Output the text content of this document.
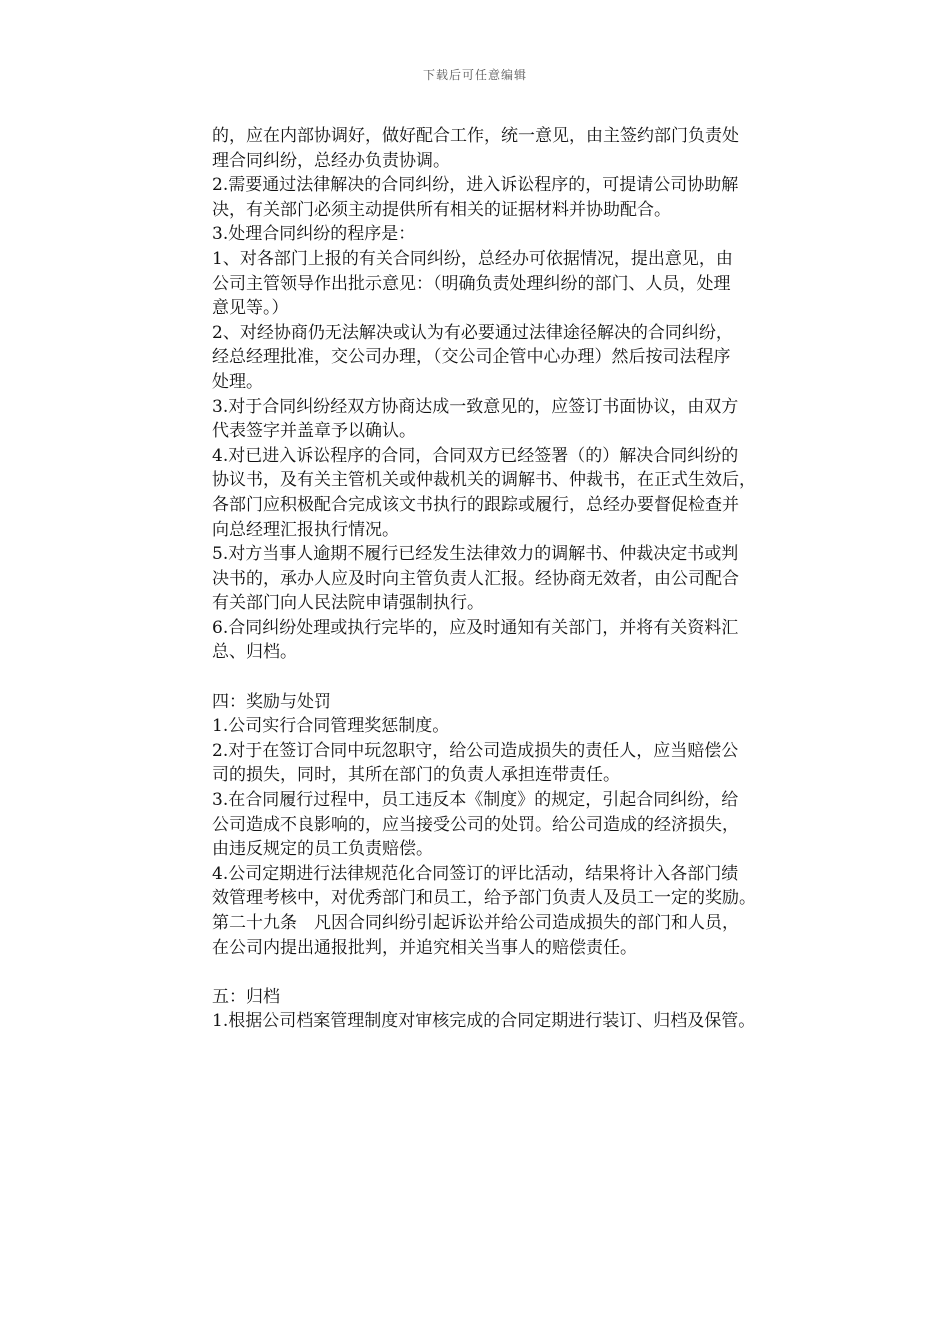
下载后可任意编辑
的，应在内部协调好，做好配合工作，统一意见，由主签约部门负责处
理合同纠纷，总经办负责协调。
2.需要通过法律解决的合同纠纷，进入诉讼程序的，可提请公司协助解
决，有关部门必须主动提供所有相关的证据材料并协助配合。
3.处理合同纠纷的程序是：
1、对各部门上报的有关合同纠纷，总经办可依据情况，提出意见，由
公司主管领导作出批示意见：（明确负责处理纠纷的部门、人员，处理
意见等。）
2、对经协商仍无法解决或认为有必要通过法律途径解决的合同纠纷，
经总经理批准，交公司办理，（交公司企管中心办理）然后按司法程序
处理。
3.对于合同纠纷经双方协商达成一致意见的，应签订书面协议，由双方
代表签字并盖章予以确认。
4.对已进入诉讼程序的合同，合同双方已经签署（的）解决合同纠纷的
协议书，及有关主管机关或仲裁机关的调解书、仲裁书，在正式生效后，
各部门应积极配合完成该文书执行的跟踪或履行，总经办要督促检查并
向总经理汇报执行情况。
5.对方当事人逾期不履行已经发生法律效力的调解书、仲裁决定书或判
决书的，承办人应及时向主管负责人汇报。经协商无效者，由公司配合
有关部门向人民法院申请强制执行。
6.合同纠纷处理或执行完毕的，应及时通知有关部门，并将有关资料汇
总、归档。
四：奖励与处罚
1.公司实行合同管理奖惩制度。
2.对于在签订合同中玩忽职守，给公司造成损失的责任人，应当赔偿公
司的损失，同时，其所在部门的负责人承担连带责任。
3.在合同履行过程中，员工违反本《制度》的规定，引起合同纠纷，给
公司造成不良影响的，应当接受公司的处罚。给公司造成的经济损失，
由违反规定的员工负责赔偿。
4.公司定期进行法律规范化合同签订的评比活动，结果将计入各部门绩
效管理考核中，对优秀部门和员工，给予部门负责人及员工一定的奖励。
第二十九条　凡因合同纠纷引起诉讼并给公司造成损失的部门和人员，
在公司内提出通报批判，并追究相关当事人的赔偿责任。
五：归档
1.根据公司档案管理制度对审核完成的合同定期进行装订、归档及保管。
